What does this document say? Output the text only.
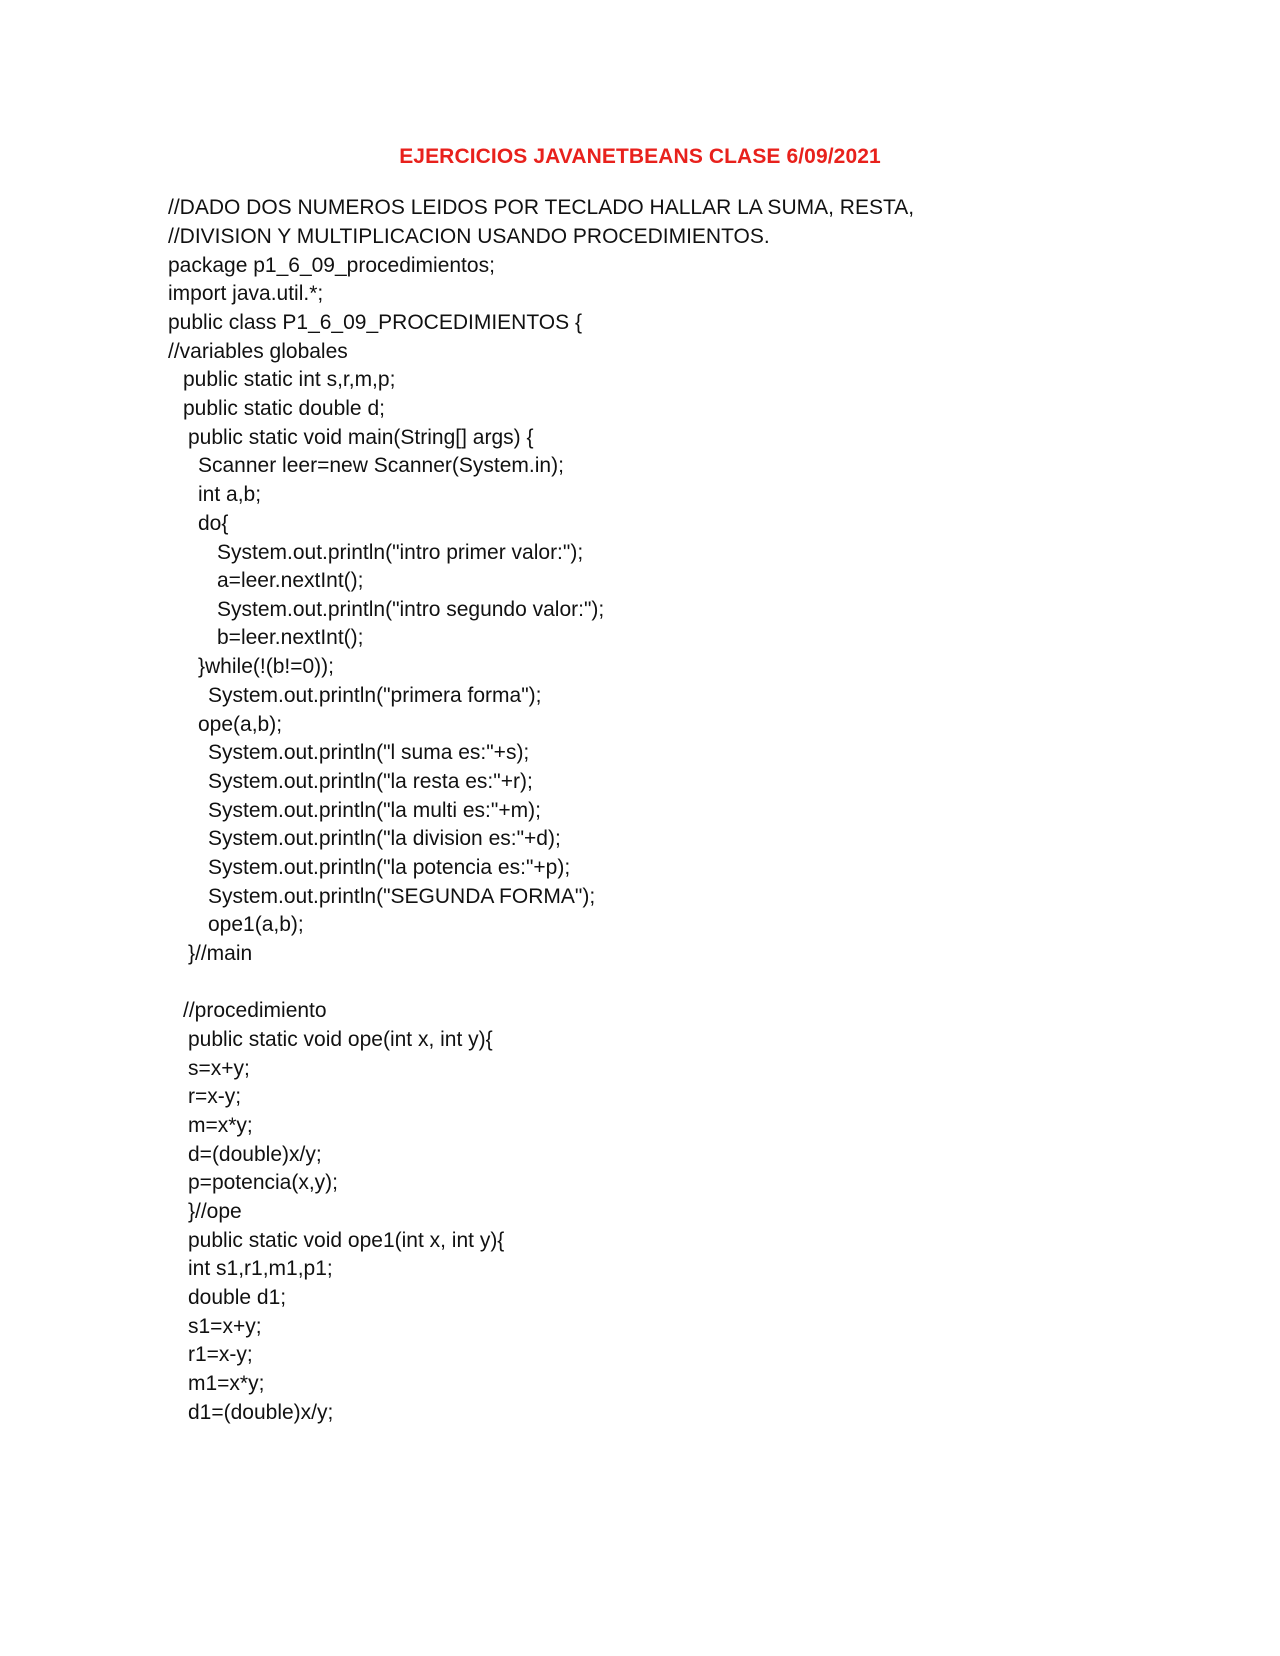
EJERCICIOS JAVANETBEANS CLASE 6/09/2021
//DADO DOS NUMEROS LEIDOS POR TECLADO HALLAR LA SUMA, RESTA,
//DIVISION Y MULTIPLICACION USANDO PROCEDIMIENTOS.
package p1_6_09_procedimientos;
import java.util.*;
public class P1_6_09_PROCEDIMIENTOS {
//variables globales
public static int s,r,m,p;
public static double d;
public static void main(String[] args) {
Scanner leer=new Scanner(System.in);
int a,b;
do{
System.out.println("intro primer valor:");
a=leer.nextInt();
System.out.println("intro segundo valor:");
b=leer.nextInt();
}while(!(b!=0));
System.out.println("primera forma");
ope(a,b);
System.out.println("l suma es:"+s);
System.out.println("la resta es:"+r);
System.out.println("la multi es:"+m);
System.out.println("la division es:"+d);
System.out.println("la potencia es:"+p);
System.out.println("SEGUNDA FORMA");
ope1(a,b);
}//main
//procedimiento
public static void ope(int x, int y){
s=x+y;
r=x-y;
m=x*y;
d=(double)x/y;
p=potencia(x,y);
}//ope
public static void ope1(int x, int y){
int s1,r1,m1,p1;
double d1;
s1=x+y;
r1=x-y;
m1=x*y;
d1=(double)x/y;
